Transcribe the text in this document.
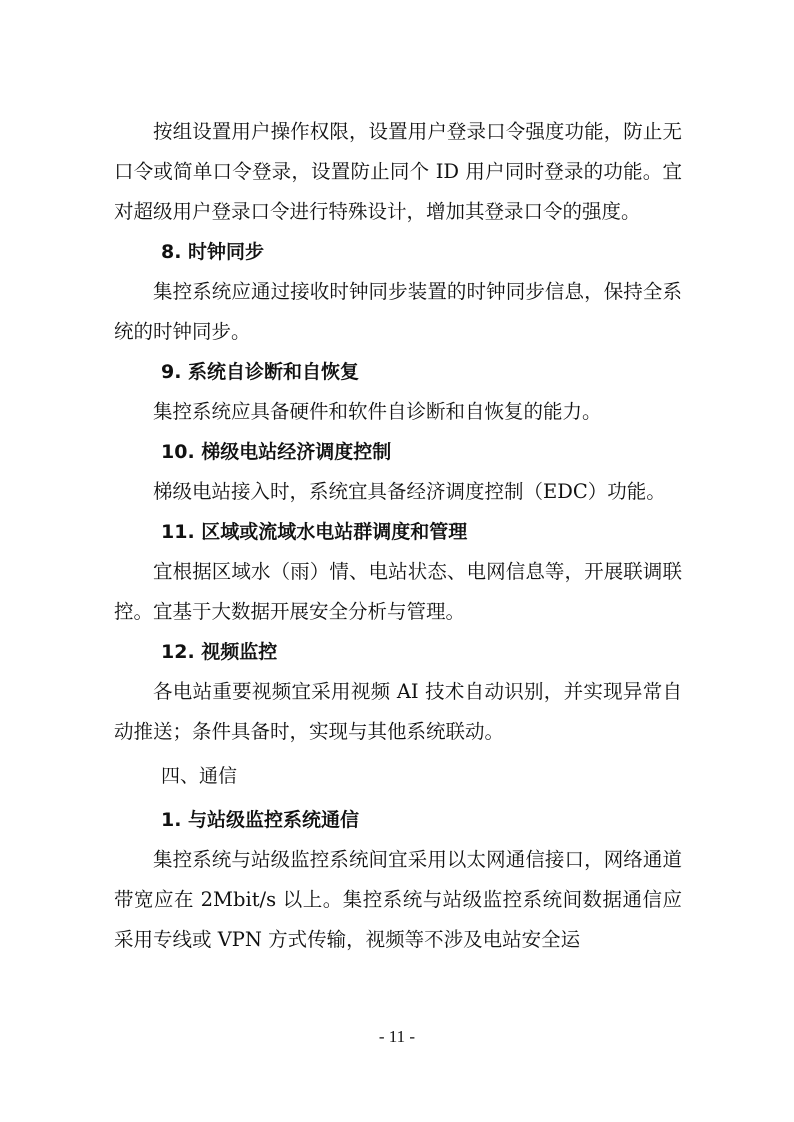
按组设置用户操作权限，设置用户登录口令强度功能，防止无口令或简单口令登录，设置防止同个 ID 用户同时登录的功能。宜对超级用户登录口令进行特殊设计，增加其登录口令的强度。

8. 时钟同步

集控系统应通过接收时钟同步装置的时钟同步信息，保持全系统的时钟同步。

9. 系统自诊断和自恢复

集控系统应具备硬件和软件自诊断和自恢复的能力。

10. 梯级电站经济调度控制

梯级电站接入时，系统宜具备经济调度控制（EDC）功能。

11. 区域或流域水电站群调度和管理

宜根据区域水（雨）情、电站状态、电网信息等，开展联调联控。宜基于大数据开展安全分析与管理。

12. 视频监控

各电站重要视频宜采用视频 AI 技术自动识别，并实现异常自动推送；条件具备时，实现与其他系统联动。

四、通信

1. 与站级监控系统通信

集控系统与站级监控系统间宜采用以太网通信接口，网络通道带宽应在 2Mbit/s 以上。集控系统与站级监控系统间数据通信应采用专线或 VPN 方式传输，视频等不涉及电站安全运

- 11 -
